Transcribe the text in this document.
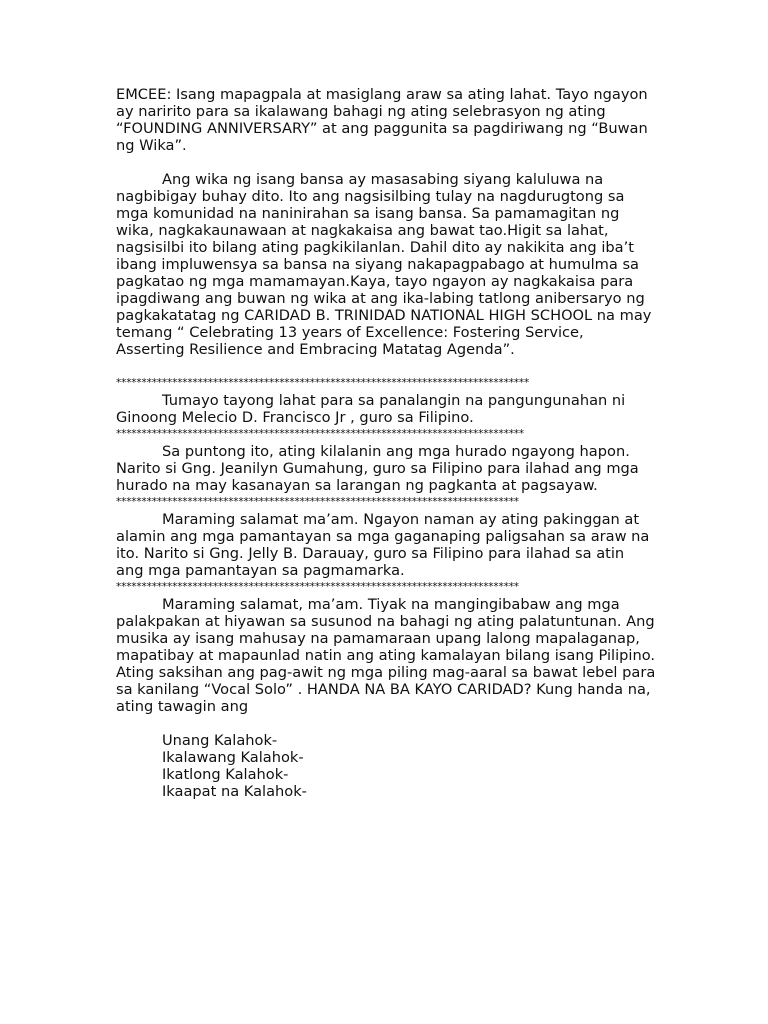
EMCEE: Isang mapagpala at masiglang araw sa ating lahat. Tayo ngayon ay naririto para sa ikalawang bahagi ng ating selebrasyon ng ating “FOUNDING ANNIVERSARY” at ang paggunita sa pagdiriwang ng “Buwan ng Wika”.

Ang wika ng isang bansa ay masasabing siyang kaluluwa na nagbibigay buhay dito. Ito ang nagsisilbing tulay na nagdurugtong sa mga komunidad na naninirahan sa isang bansa. Sa pamamagitan ng wika, nagkakaunawaan at nagkakaisa ang bawat tao.Higit sa lahat, nagsisilbi ito bilang ating pagkikilanlan. Dahil dito ay nakikita ang iba’t ibang impluwensya sa bansa na siyang nakapagpabago at humulma sa pagkatao ng mga mamamayan.Kaya, tayo ngayon ay nagkakaisa para ipagdiwang ang buwan ng wika at ang ika-labing tatlong anibersaryo ng pagkakatatag ng CARIDAD B. TRINIDAD NATIONAL HIGH SCHOOL na may temang “ Celebrating 13 years of Excellence: Fostering Service, Asserting Resilience and Embracing Matatag Agenda”.

*********************************************************************************

Tumayo tayong lahat para sa panalangin na pangungunahan ni Ginoong Melecio D. Francisco Jr , guro sa Filipino.

********************************************************************************

Sa puntong ito, ating kilalanin ang mga hurado ngayong hapon. Narito si Gng. Jeanilyn Gumahung, guro sa Filipino para ilahad ang mga hurado na may kasanayan sa larangan ng pagkanta at pagsayaw.

*******************************************************************************

Maraming salamat ma’am. Ngayon naman ay ating pakinggan at alamin ang mga pamantayan sa mga gaganaping paligsahan sa araw na ito. Narito si Gng. Jelly B. Darauay, guro sa Filipino para ilahad sa atin ang mga pamantayan sa pagmamarka.

*******************************************************************************

Maraming salamat, ma’am. Tiyak na mangingibabaw ang mga palakpakan at hiyawan sa susunod na bahagi ng ating palatuntunan. Ang musika ay isang mahusay na pamamaraan upang lalong mapalaganap, mapatibay at mapaunlad natin ang ating kamalayan bilang isang Pilipino. Ating saksihan ang pag-awit ng mga piling mag-aaral sa bawat lebel para sa kanilang “Vocal Solo” . HANDA NA BA KAYO CARIDAD? Kung handa na, ating tawagin ang

Unang Kalahok-
Ikalawang Kalahok-
Ikatlong Kalahok-
Ikaapat na Kalahok-
